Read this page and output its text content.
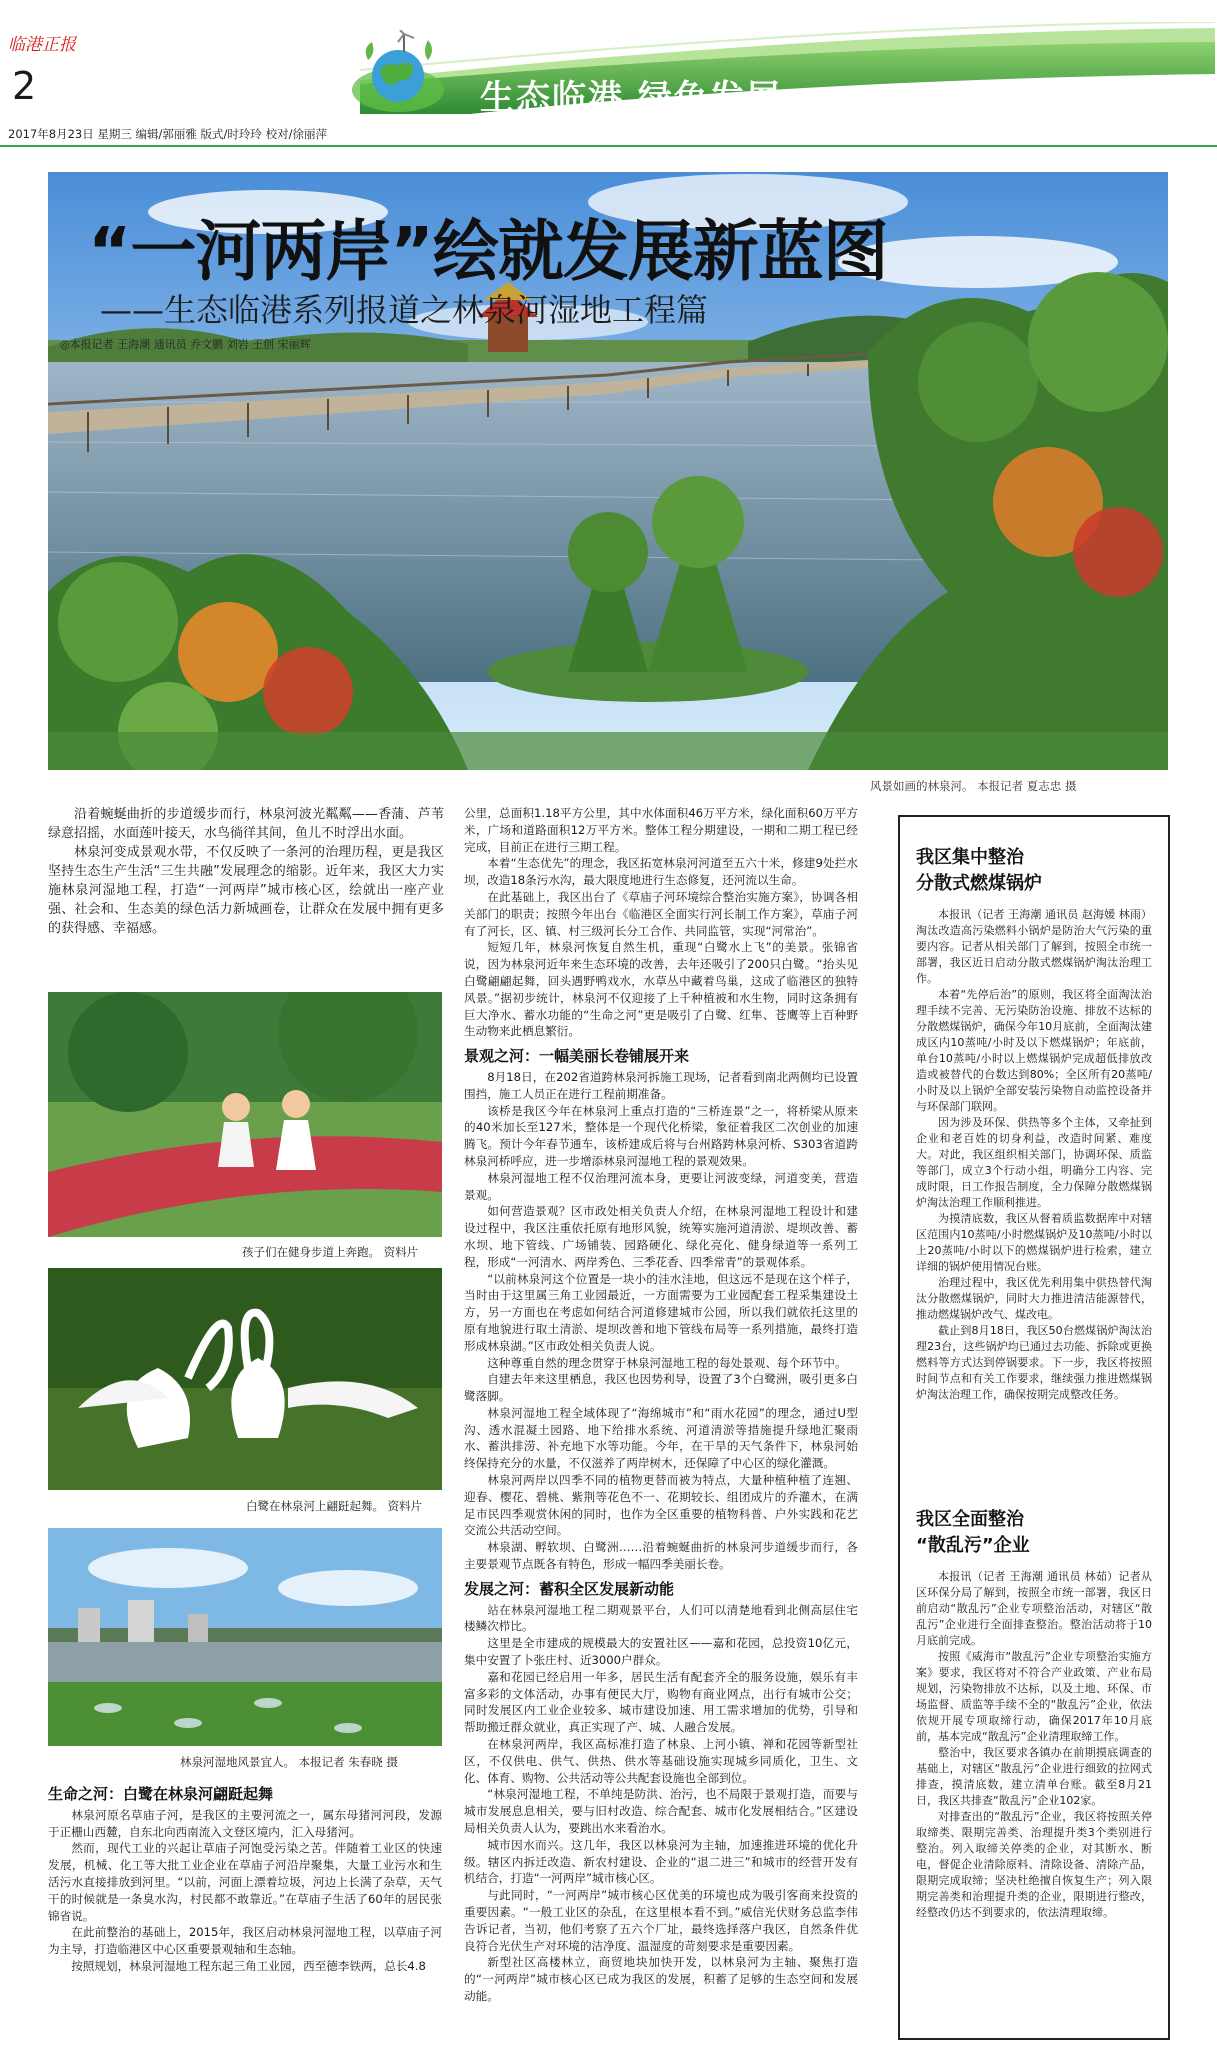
临港正报
2	生态临港 绿色发展
2017年8月23日 星期三 编辑/郭丽雅 版式/时玲玲 校对/徐丽萍
“一河两岸”绘就发展新蓝图
——生态临港系列报道之林泉河湿地工程篇
◎本报记者 王海潮 通讯员 乔文鹏 刘岩 王创 宋丽辉
风景如画的林泉河。 本报记者 夏志忠 摄

沿着蜿蜒曲折的步道缓步而行，林泉河波光粼粼——香蒲、芦苇绿意招摇，水面莲叶接天，水鸟徜徉其间，鱼儿不时浮出水面。

林泉河变成景观水带，不仅反映了一条河的治理历程，更是我区坚持生态生产生活“三生共融”发展理念的缩影。近年来，我区大力实施林泉河湿地工程，打造“一河两岸”城市核心区，绘就出一座产业强、社会和、生态美的绿色活力新城画卷，让群众在发展中拥有更多的获得感、幸福感。

孩子们在健身步道上奔跑。 资料片
白鹭在林泉河上翩跹起舞。 资料片
林泉河湿地风景宜人。 本报记者 朱春晓 摄
生命之河：白鹭在林泉河翩跹起舞

林泉河原名草庙子河，是我区的主要河流之一，属东母猪河河段，发源于正栅山西麓，自东北向西南流入文登区境内，汇入母猪河。

然而，现代工业的兴起让草庙子河饱受污染之苦。伴随着工业区的快速发展，机械、化工等大批工业企业在草庙子河沿岸聚集，大量工业污水和生活污水直接排放到河里。“以前，河面上漂着垃圾，河边上长满了杂草，天气干的时候就是一条臭水沟，村民都不敢靠近。”在草庙子生活了60年的居民张锦省说。

在此前整治的基础上，2015年，我区启动林泉河湿地工程，以草庙子河为主导，打造临港区中心区重要景观轴和生态轴。

按照规划，林泉河湿地工程东起三角工业园，西至德李铁两，总长4.8

公里，总面积1.18平方公里，其中水体面积46万平方米，绿化面积60万平方米，广场和道路面积12万平方米。整体工程分期建设，一期和二期工程已经完成，目前正在进行三期工程。

本着“生态优先”的理念，我区拓宽林泉河河道至五六十米，修建9处拦水坝，改造18条污水沟，最大限度地进行生态修复，还河流以生命。

在此基础上，我区出台了《草庙子河环境综合整治实施方案》，协调各相关部门的职责；按照今年出台《临港区全面实行河长制工作方案》，草庙子河有了河长，区、镇、村三级河长分工合作、共同监管，实现“河常治”。

短短几年，林泉河恢复自然生机，重现“白鹭水上飞”的美景。张锦省说，因为林泉河近年来生态环境的改善，去年还吸引了200只白鹭。“抬头见白鹭翩翩起舞，回头遇野鸭戏水，水草丛中藏着鸟巢，这成了临港区的独特风景。”据初步统计，林泉河不仅迎接了上千种植被和水生物，同时这条拥有巨大净水、蓄水功能的“生命之河”更是吸引了白鹭、红隼、苍鹰等上百种野生动物来此栖息繁衍。

景观之河：一幅美丽长卷铺展开来

8月18日，在202省道跨林泉河拆施工现场，记者看到南北两侧均已设置围挡，施工人员正在进行工程前期准备。

该桥是我区今年在林泉河上重点打造的“三桥连景”之一，将桥梁从原来的40米加长至127米，整体是一个现代化桥梁，象征着我区二次创业的加速腾飞。预计今年春节通车，该桥建成后将与台州路跨林泉河桥、S303省道跨林泉河桥呼应，进一步增添林泉河湿地工程的景观效果。

林泉河湿地工程不仅治理河流本身，更要让河波变绿，河道变美，营造景观。

如何营造景观？区市政处相关负责人介绍，在林泉河湿地工程设计和建设过程中，我区注重依托原有地形风貌，统筹实施河道清淤、堤坝改善、蓄水坝、地下管线、广场铺装、园路硬化、绿化亮化、健身绿道等一系列工程，形成“一河清水、两岸秀色、三季花香、四季常青”的景观体系。

“以前林泉河这个位置是一块小的洼水洼地，但这远不是现在这个样子，当时由于这里属三角工业园最近，一方面需要为工业园配套工程采集建设土方，另一方面也在考虑如何结合河道修建城市公园，所以我们就依托这里的原有地貌进行取土清淤、堤坝改善和地下管线布局等一系列措施，最终打造形成林泉湖。”区市政处相关负责人说。

这种尊重自然的理念贯穿于林泉河湿地工程的每处景观、每个环节中。

自建去年来这里栖息，我区也因势利导，设置了3个白鹭洲，吸引更多白鹭落脚。

林泉河湿地工程全域体现了“海绵城市”和“雨水花园”的理念，通过U型沟、透水混凝土园路、地下给排水系统、河道清淤等措施提升绿地汇聚雨水、蓄洪排涝、补充地下水等功能。今年，在干旱的天气条件下，林泉河始终保持充分的水量，不仅滋养了两岸树木，还保障了中心区的绿化灌溉。

林泉河两岸以四季不同的植物更替而被为特点，大量种植种植了连翘、迎春、樱花、碧桃、紫荆等花色不一、花期较长、组团成片的乔灌木，在满足市民四季观赏休闲的同时，也作为全区重要的植物科普、户外实践和花艺交流公共活动空间。

林泉湖、孵软坝、白鹭洲……沿着蜿蜒曲折的林泉河步道缓步而行，各主要景观节点既各有特色，形成一幅四季美丽长卷。

发展之河：蓄积全区发展新动能

站在林泉河湿地工程二期观景平台，人们可以清楚地看到北侧高层住宅楼鳞次栉比。

这里是全市建成的规模最大的安置社区——嘉和花园，总投资10亿元，集中安置了卜张庄村、近3000户群众。

嘉和花园已经启用一年多，居民生活有配套齐全的服务设施，娱乐有丰富多彩的文体活动，办事有便民大厅，购物有商业网点，出行有城市公交；同时发展区内工业企业较多、城市建设加速、用工需求增加的优势，引导和帮助搬迁群众就业，真正实现了产、城、人融合发展。

在林泉河两岸，我区高标准打造了林泉、上河小镇、禅和花园等新型社区，不仅供电、供气、供热、供水等基础设施实现城乡同质化，卫生、文化、体育、购物、公共活动等公共配套设施也全部到位。

“林泉河湿地工程，不单纯是防洪、治污，也不局限于景观打造，而要与城市发展息息相关，要与旧村改造、综合配套、城市化发展相结合。”区建设局相关负责人认为，要跳出水来看治水。

城市因水而兴。这几年，我区以林泉河为主轴，加速推进环境的优化升级。辖区内拆迁改造、新农村建设、企业的“退二进三”和城市的经营开发有机结合，打造“一河两岸”城市核心区。

与此同时，“一河两岸”城市核心区优美的环境也成为吸引客商来投资的重要因素。“一般工业区的杂乱，在这里根本看不到。”威信光伏财务总监李伟告诉记者，当初，他们考察了五六个厂址，最终选择落户我区，自然条件优良符合光伏生产对环境的洁净度、温湿度的苛刻要求是重要因素。

新型社区高楼林立，商贸地块加快开发，以林泉河为主轴、聚焦打造的“一河两岸”城市核心区已成为我区的发展，积蓄了足够的生态空间和发展动能。

我区集中整治
分散式燃煤锅炉

本报讯（记者 王海潮 通讯员 赵海媛 林雨）淘汰改造高污染燃料小锅炉是防治大气污染的重要内容。记者从相关部门了解到，按照全市统一部署，我区近日启动分散式燃煤锅炉淘汰治理工作。

本着“先停后治”的原则，我区将全面淘汰治理手续不完善、无污染防治设施、排放不达标的分散燃煤锅炉，确保今年10月底前，全面淘汰建成区内10蒸吨/小时及以下燃煤锅炉；年底前，单台10蒸吨/小时以上燃煤锅炉完成超低排放改造或被替代的台数达到80%；全区所有20蒸吨/小时及以上锅炉全部安装污染物自动监控设备并与环保部门联网。

因为涉及环保、供热等多个主体，又牵扯到企业和老百姓的切身利益，改造时间紧、难度大。对此，我区组织相关部门，协调环保、质监等部门，成立3个行动小组，明确分工内容、完成时限，日工作报告制度，全力保障分散燃煤锅炉淘汰治理工作顺利推进。

为摸清底数，我区从督着质监数据库中对辖区范围内10蒸吨/小时燃煤锅炉及10蒸吨/小时以上20蒸吨/小时以下的燃煤锅炉进行检索，建立详细的锅炉使用情况台账。

治理过程中，我区优先利用集中供热替代淘汰分散燃煤锅炉，同时大力推进清洁能源替代，推动燃煤锅炉改气、煤改电。

截止到8月18日，我区50台燃煤锅炉淘汰治理23台，这些锅炉均已通过去功能、拆除或更换燃料等方式达到停锅要求。下一步，我区将按照时间节点和有关工作要求，继续强力推进燃煤锅炉淘汰治理工作，确保按期完成整改任务。

我区全面整治
“散乱污”企业

本报讯（记者 王海潮 通讯员 林茹）记者从区环保分局了解到，按照全市统一部署，我区日前启动“散乱污”企业专项整治活动，对辖区“散乱污”企业进行全面排查整治。整治活动将于10月底前完成。

按照《威海市“散乱污”企业专项整治实施方案》要求，我区将对不符合产业政策、产业布局规划，污染物排放不达标，以及土地、环保、市场监督、质监等手续不全的“散乱污”企业，依法依规开展专项取缔行动，确保2017年10月底前，基本完成“散乱污”企业清理取缔工作。

整治中，我区要求各镇办在前期摸底调查的基础上，对辖区“散乱污”企业进行细致的拉网式排查，摸清底数，建立清单台账。截至8月21日，我区共排查“散乱污”企业102家。

对排查出的“散乱污”企业，我区将按照关停取缔类、限期完善类、治理提升类3个类别进行整治。列入取缔关停类的企业，对其断水、断电，督促企业清除原料、清除设备、清除产品，限期完成取缔；坚决杜绝擅自恢复生产；列入限期完善类和治理提升类的企业，限期进行整改，经整改仍达不到要求的，依法清理取缔。
